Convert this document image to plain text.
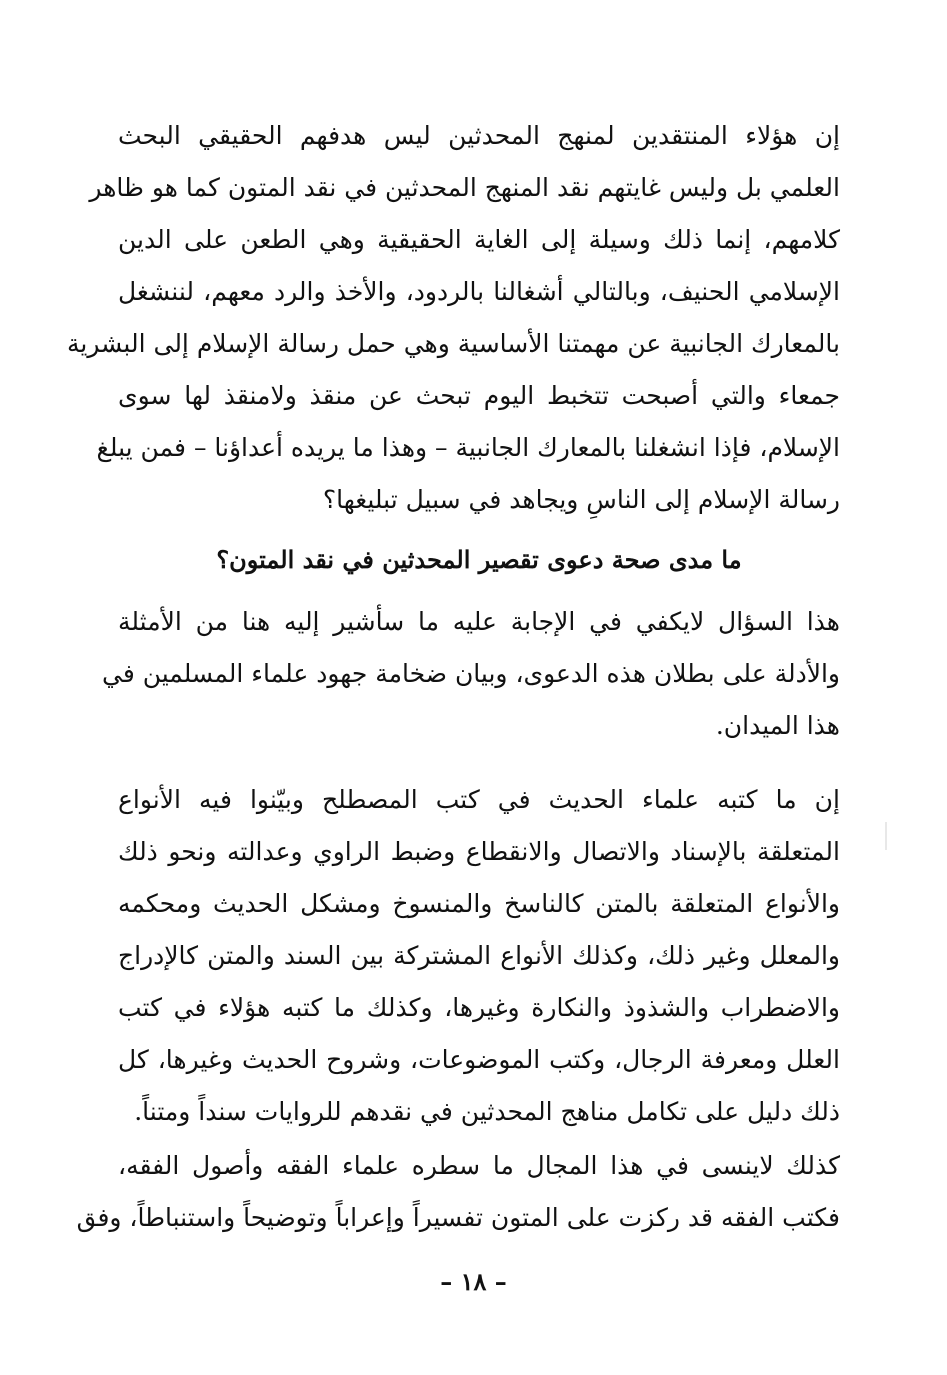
إن هؤلاء المنتقدين لمنهج المحدثين ليس هدفهم الحقيقي البحث
العلمي بل وليس غايتهم نقد المنهج المحدثين في نقد المتون كما هو ظاهر
كلامهم، إنما ذلك وسيلة إلى الغاية الحقيقية وهي الطعن على الدين
الإسلامي الحنيف، وبالتالي أشغالنا بالردود، والأخذ والرد معهم، لننشغل
بالمعارك الجانبية عن مهمتنا الأساسية وهي حمل رسالة الإسلام إلى البشرية
جمعاء والتي أصبحت تتخبط اليوم تبحث عن منقذ ولامنقذ لها سوى
الإسلام، فإذا انشغلنا بالمعارك الجانبية – وهذا ما يريده أعداؤنا – فمن يبلغ
رسالة الإسلام إلى الناسِ ويجاهد في سبيل تبليغها؟
ما مدى صحة دعوى تقصير المحدثين في نقد المتون؟
هذا السؤال لايكفي في الإجابة عليه ما سأشير إليه هنا من الأمثلة
والأدلة على بطلان هذه الدعوى، وبيان ضخامة جهود علماء المسلمين في
هذا الميدان.
إن ما كتبه علماء الحديث في كتب المصطلح وبيّنوا فيه الأنواع
المتعلقة بالإسناد والاتصال والانقطاع وضبط الراوي وعدالته ونحو ذلك
والأنواع المتعلقة بالمتن كالناسخ والمنسوخ ومشكل الحديث ومحكمه
والمعلل وغير ذلك، وكذلك الأنواع المشتركة بين السند والمتن كالإدراج
والاضطراب والشذوذ والنكارة وغيرها، وكذلك ما كتبه هؤلاء في كتب
العلل ومعرفة الرجال، وكتب الموضوعات، وشروح الحديث وغيرها، كل
ذلك دليل على تكامل مناهج المحدثين في نقدهم للروايات سنداً ومتناً.
كذلك لاينسى في هذا المجال ما سطره علماء الفقه وأصول الفقه،
فكتب الفقه قد ركزت على المتون تفسيراً وإعراباً وتوضيحاً واستنباطاً، وفق
– ١٨ –
